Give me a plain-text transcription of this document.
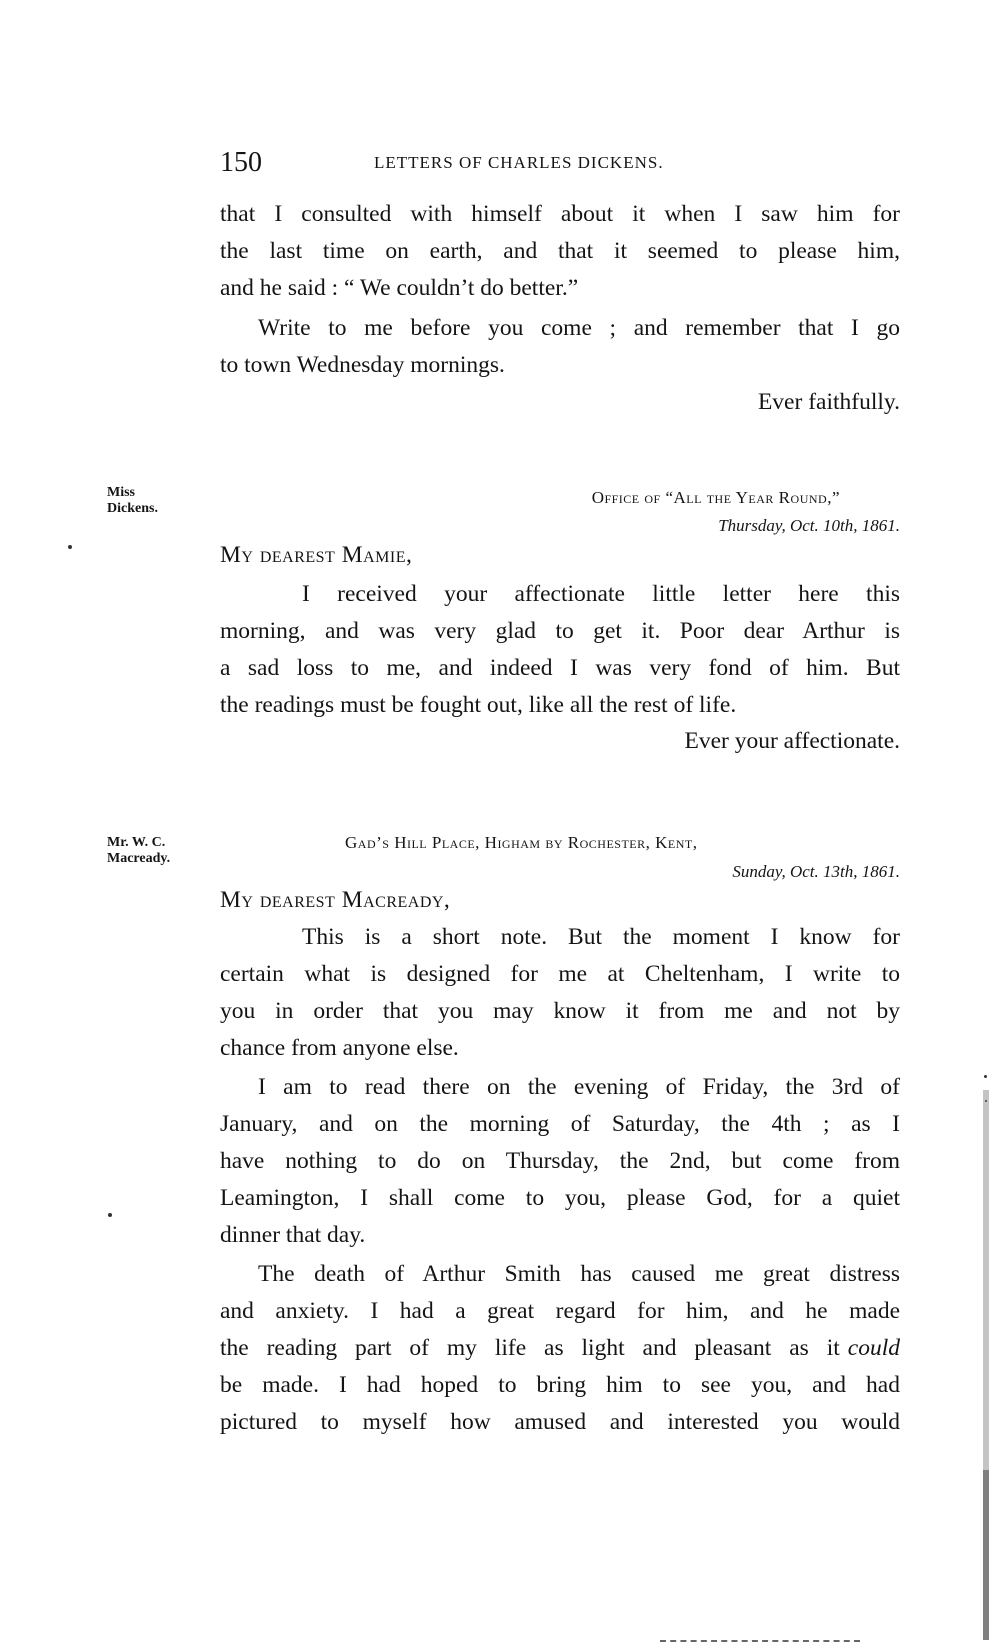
150	LETTERS OF CHARLES DICKENS.
that I consulted with himself about it when I saw him for
the last time on earth, and that it seemed to please him,
and he said : “ We couldn’t do better.”
Write to me before you come ; and remember that I go
to town Wednesday mornings.
Ever faithfully.
Miss
Dickens.
Office of “All the Year Round,”
Thursday, Oct. 10th, 1861.
My dearest Mamie,
I received your affectionate little letter here this
morning, and was very glad to get it. Poor dear Arthur is
a sad loss to me, and indeed I was very fond of him. But
the readings must be fought out, like all the rest of life.
Ever your affectionate.
Mr. W. C.
Macready.
Gad’s Hill Place, Higham by Rochester, Kent,
Sunday, Oct. 13th, 1861.
My dearest Macready,
This is a short note. But the moment I know for
certain what is designed for me at Cheltenham, I write to
you in order that you may know it from me and not by
chance from anyone else.
I am to read there on the evening of Friday, the 3rd of
January, and on the morning of Saturday, the 4th ; as I
have nothing to do on Thursday, the 2nd, but come from
Leamington, I shall come to you, please God, for a quiet
dinner that day.
The death of Arthur Smith has caused me great distress
and anxiety. I had a great regard for him, and he made
the reading part of my life as light and pleasant as it could
be made. I had hoped to bring him to see you, and had
pictured to myself how amused and interested you would
